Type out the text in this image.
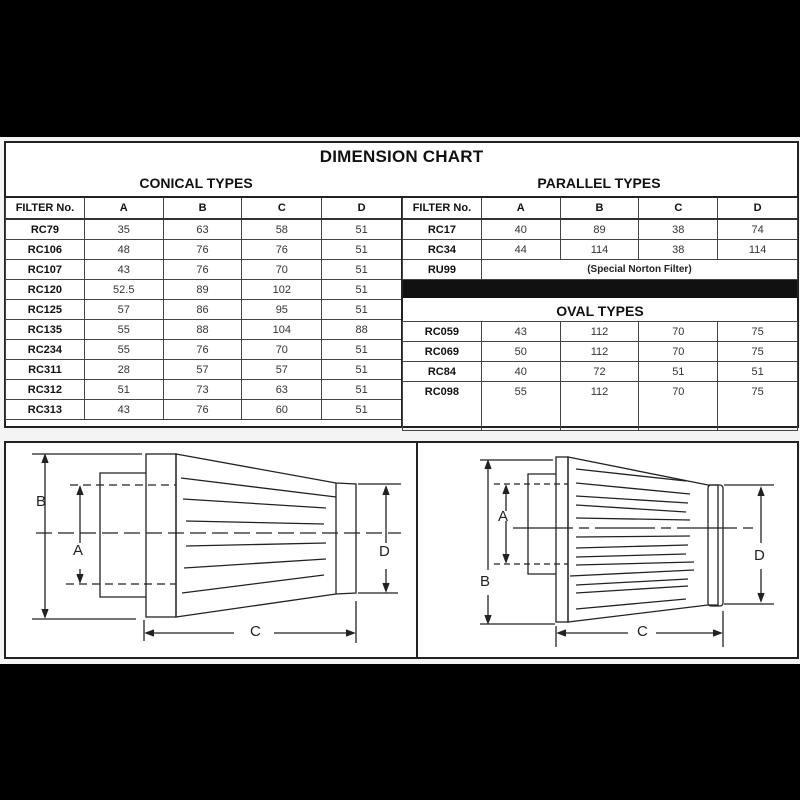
DIMENSION CHART
CONICAL TYPES	PARALLEL TYPES
FILTER No.	A	B	C	D
RC79	35	63	58	51
RC106	48	76	76	51
RC107	43	76	70	51
RC120	52.5	89	102	51
RC125	57	86	95	51
RC135	55	88	104	88
RC234	55	76	70	51
RC311	28	57	57	51
RC312	51	73	63	51
RC313	43	76	60	51
FILTER No.	A	B	C	D
RC17	40	89	38	74
RC34	44	114	38	114
RU99	(Special Norton Filter)			
OVAL TYPES
RC059	43	112	70	75
RC069	50	112	70	75
RC84	40	72	51	51
RC098	55	112	70	75
B
A	D
C
A
B
D
C
